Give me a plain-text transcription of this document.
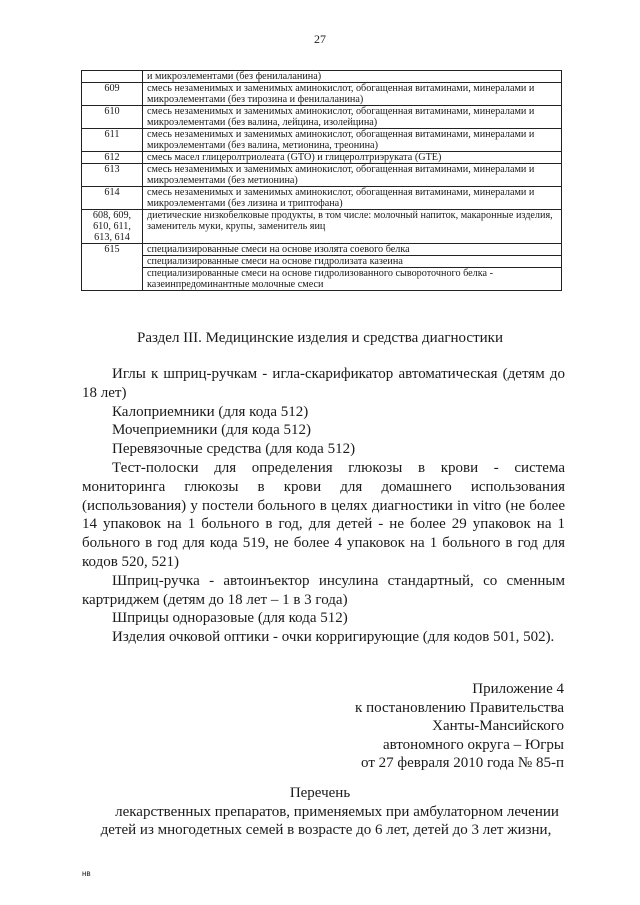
27
	и микроэлементами (без фенилаланина)
609	смесь незаменимых и заменимых аминокислот, обогащенная витаминами, минералами и микроэлементами (без тирозина и фенилаланина)
610	смесь незаменимых и заменимых аминокислот, обогащенная витаминами, минералами и микроэлементами (без валина, лейцина, изолейцина)
611	смесь незаменимых и заменимых аминокислот, обогащенная витаминами, минералами и микроэлементами (без валина, метионина, треонина)
612	смесь масел глицеролтриолеата (GTO) и глицеролтриэруката (GTE)
613	смесь незаменимых и заменимых аминокислот, обогащенная витаминами, минералами и микроэлементами (без метионина)
614	смесь незаменимых и заменимых аминокислот, обогащенная витаминами, минералами и микроэлементами (без лизина и триптофана)
608, 609, 610, 611, 613, 614	диетические низкобелковые продукты, в том числе: молочный напиток, макаронные изделия, заменитель муки, крупы, заменитель яиц
615	специализированные смеси на основе изолята соевого белка
	специализированные смеси на основе гидролизата казеина
	специализированные смеси на основе гидролизованного сывороточного белка - казеинпредоминантные молочные смеси
Раздел III. Медицинские изделия и средства диагностики

Иглы к шприц-ручкам - игла-скарификатор автоматическая (детям до 18 лет)

Калоприемники (для кода 512)

Мочеприемники (для кода 512)

Перевязочные средства (для кода 512)

Тест-полоски для определения глюкозы в крови - система мониторинга глюкозы в крови для домашнего использования (использования) у постели больного в целях диагностики in vitro (не более 14 упаковок на 1 больного в год, для детей - не более 29 упаковок на 1 больного в год для кода 519, не более 4 упаковок на 1 больного в год для кодов 520, 521)

Шприц-ручка - автоинъектор инсулина стандартный, со сменным картриджем (детям до 18 лет – 1 в 3 года)

Шприцы одноразовые (для кода 512)

Изделия очковой оптики - очки корригирующие (для кодов 501, 502).

Приложение 4
к постановлению Правительства
Ханты-Мансийского
автономного округа – Югры
от 27 февраля 2010 года № 85-п
Перечень
лекарственных препаратов, применяемых при амбулаторном лечении
детей из многодетных семей в возрасте до 6 лет, детей до 3 лет жизни,
нв
